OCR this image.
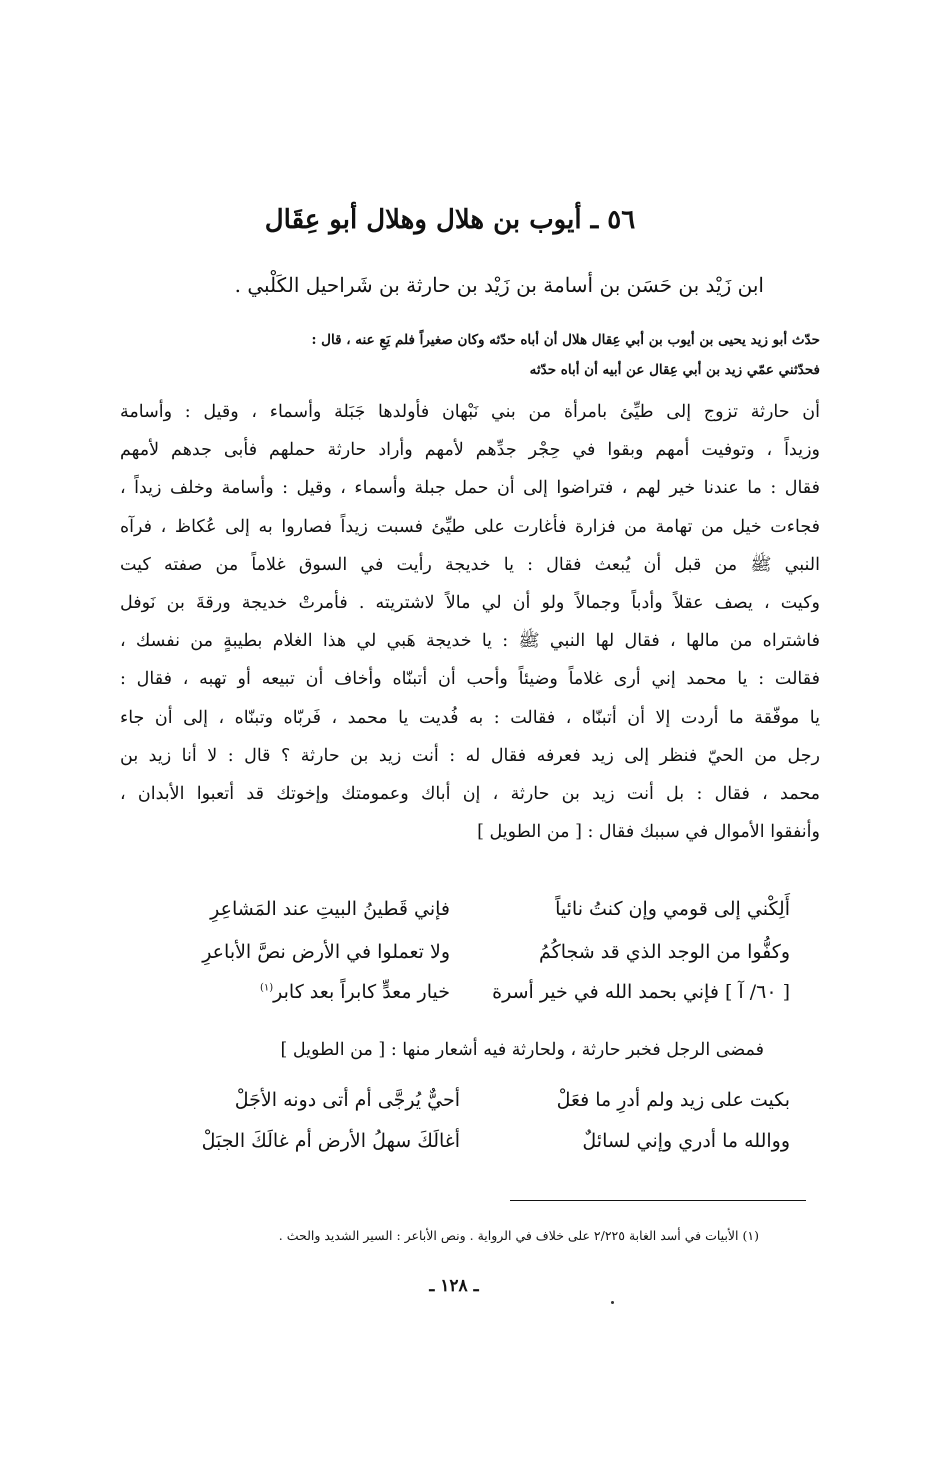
٥٦ ـ أيوب بن هلال وهلال أبو عِقَال
ابن زَيْد بن حَسَن بن أسامة بن زَيْد بن حارثة بن شَراحيل الكَلْبي .
حدّث أبو زيد يحيى بن أيوب بن أبي عِقال هلال أن أباه حدّثه وكان صغيراً فلم يَعِ عنه ، قال :
فحدّثني عمّي زيد بن أبي عِقال عن أبيه أن أباه حدّثه
أن حارثة تزوج إلى طيِّئ بامرأة من بني نَبْهان فأولدها جَبَلة وأسماء ، وقيل : وأسامة
وزيداً ، وتوفيت أمهم وبقوا في حِجْر جدِّهم لأمهم وأراد حارثة حملهم فأبى جدهم لأمهم
فقال : ما عندنا خير لهم ، فتراضوا إلى أن حمل جبلة وأسماء ، وقيل : وأسامة وخلف زيداً ،
فجاءت خيل من تهامة من فزارة فأغارت على طيِّئ فسبت زيداً فصاروا به إلى عُكاظ ، فرآه
النبي ﷺ من قبل أن يُبعث فقال : يا خديجة رأيت في السوق غلاماً من صفته كيت
وكيت ، يصف عقلاً وأدباً وجمالاً ولو أن لي مالاً لاشتريته . فأمرتْ خديجة ورقةَ بن نَوفل
فاشتراه من مالها ، فقال لها النبي ﷺ : يا خديجة هَبي لي هذا الغلام بطيبةٍ من نفسك ،
فقالت : يا محمد إني أرى غلاماً وضيئاً وأحب أن أتبنّاه وأخاف أن تبيعه أو تهبه ، فقال :
يا موفّقة ما أردت إلا أن أتبنّاه ، فقالت : به فُديت يا محمد ، فَربّاه وتبنّاه ، إلى أن جاء
رجل من الحيّ فنظر إلى زيد فعرفه فقال له : أنت زيد بن حارثة ؟ قال : لا أنا زيد بن
محمد ، فقال : بل أنت زيد بن حارثة ، إن أباك وعمومتك وإخوتك قد أتعبوا الأبدان ،
وأنفقوا الأموال في سببك فقال : [ من الطويل ]
أَلِكْني إلى قومي وإن كنتُ نائياً
فإني قَطينُ البيتِ عند المَشاعِرِ
وكفُّوا من الوجد الذي قد شجاكُمُ
ولا تعملوا في الأرض نصَّ الأباعرِ
[ ٦٠/ آ ] فإني بحمد الله في خير أسرة
خيار معدٍّ كابراً بعد كابر$^{(١)}$
فمضى الرجل فخبر حارثة ، ولحارثة فيه أشعار منها : [ من الطويل ]
بكيت على زيد ولم أدرِ ما فعَلْ
أحيٌّ يُرجَّى أم أتى دونه الأجَلْ
ووالله ما أدري وإني لسائلٌ
أغالَكَ سهلُ الأرض أم غالَكَ الجبَلْ
(١) الأبيات في أسد الغابة ٢/٢٢٥ على خلاف في الرواية . ونص الأباعر : السير الشديد والحث .
ـ ١٢٨ ـ
